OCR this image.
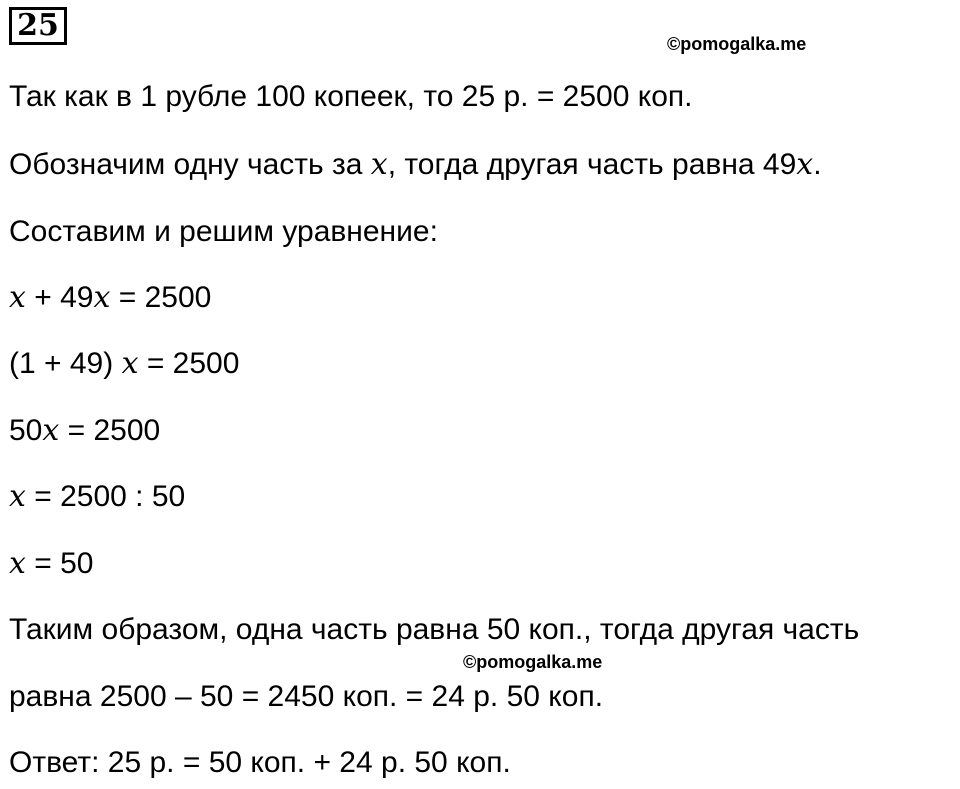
25
©pomogalka.me
Так как в 1 рубле 100 копеек, то 25 р. = 2500 коп.
Обозначим одну часть за 𝑥, тогда другая часть равна 49𝑥.
Составим и решим уравнение:
𝑥 + 49𝑥 = 2500
(1 + 49) 𝑥 = 2500
50𝑥 = 2500
𝑥 = 2500 : 50
𝑥 = 50
Таким образом, одна часть равна 50 коп., тогда другая часть
©pomogalka.me
равна 2500 – 50 = 2450 коп. = 24 р. 50 коп.
Ответ: 25 р. = 50 коп. + 24 р. 50 коп.
